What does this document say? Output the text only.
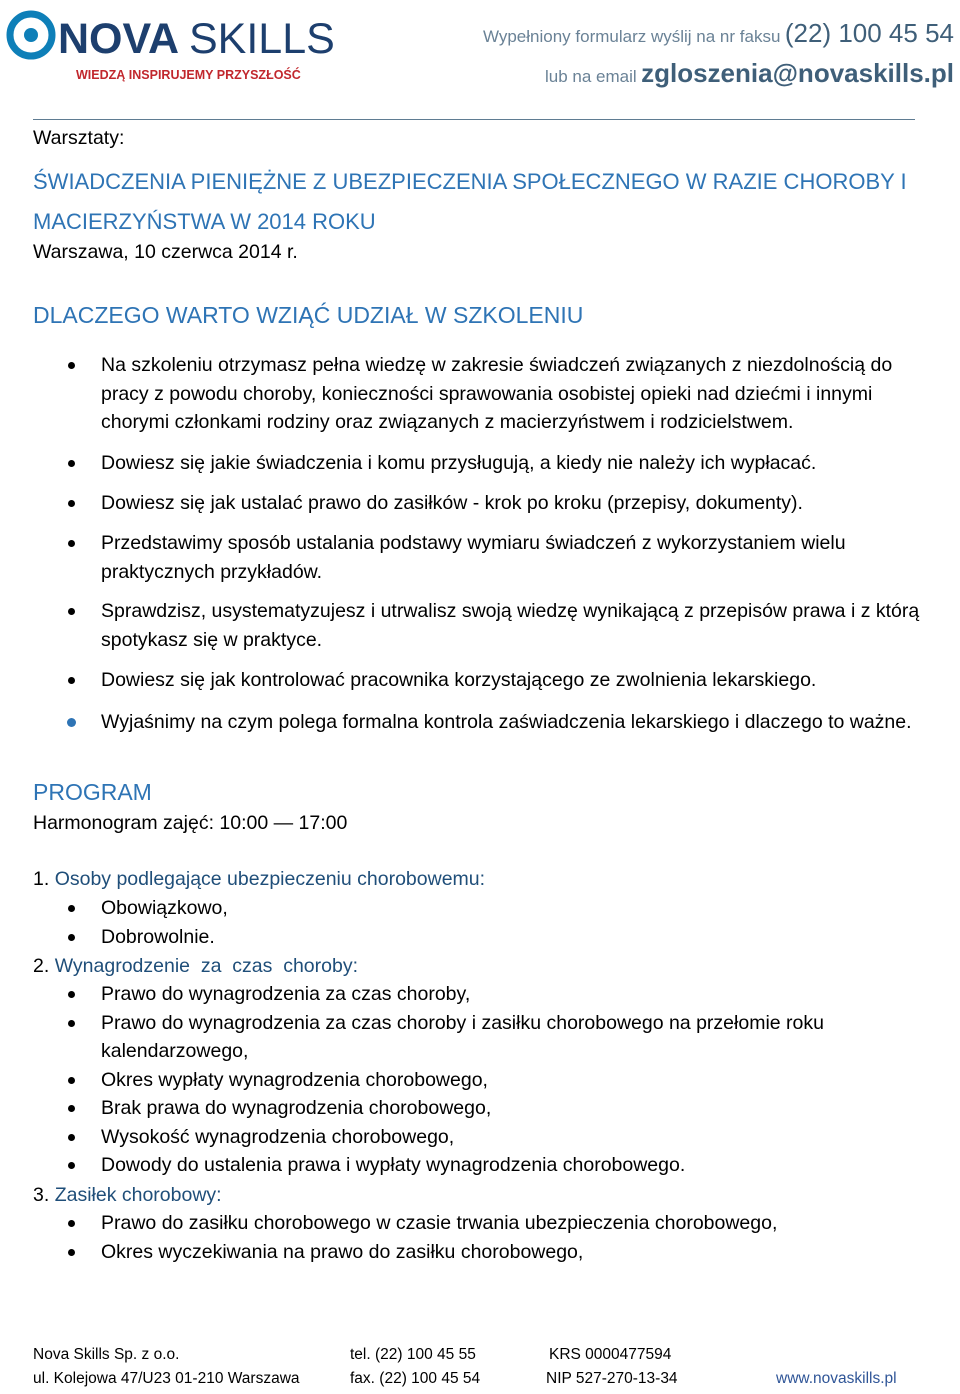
NOVA SKILLS
WIEDZĄ INSPIRUJEMY PRZYSZŁOŚĆ
Wypełniony formularz wyślij na nr faksu (22) 100 45 54
lub na email zgloszenia@novaskills.pl
Warsztaty:
ŚWIADCZENIA PIENIĘŻNE Z UBEZPIECZENIA SPOŁECZNEGO W RAZIE CHOROBY I
MACIERZYŃSTWA W 2014 ROKU
Warszawa, 10 czerwca 2014 r.
DLACZEGO WARTO WZIĄĆ UDZIAŁ W SZKOLENIU
Na szkoleniu otrzymasz pełna wiedzę w zakresie świadczeń związanych z niezdolnością do pracy z powodu choroby, konieczności sprawowania osobistej opieki nad dziećmi i innymi chorymi członkami rodziny oraz związanych z macierzyństwem i rodzicielstwem.
Dowiesz się jakie świadczenia i komu przysługują, a kiedy nie należy ich wypłacać.
Dowiesz się jak ustalać prawo do zasiłków - krok po kroku (przepisy, dokumenty).
Przedstawimy sposób ustalania podstawy wymiaru świadczeń z wykorzystaniem wielu praktycznych przykładów.
Sprawdzisz, usystematyzujesz i utrwalisz swoją wiedzę wynikającą z przepisów prawa i z którą spotykasz się w praktyce.
Dowiesz się jak kontrolować pracownika korzystającego ze zwolnienia lekarskiego.
Wyjaśnimy na czym polega formalna kontrola zaświadczenia lekarskiego i dlaczego to ważne.
PROGRAM
Harmonogram zajęć: 10:00 — 17:00
1. Osoby podlegające ubezpieczeniu chorobowemu:
Obowiązkowo,
Dobrowolnie.
2. Wynagrodzenie  za  czas  choroby:
Prawo do wynagrodzenia za czas choroby,
Prawo do wynagrodzenia za czas choroby i zasiłku chorobowego na przełomie roku kalendarzowego,
Okres wypłaty wynagrodzenia chorobowego,
Brak prawa do wynagrodzenia chorobowego,
Wysokość wynagrodzenia chorobowego,
Dowody do ustalenia prawa i wypłaty wynagrodzenia chorobowego.
3. Zasiłek chorobowy:
Prawo do zasiłku chorobowego w czasie trwania ubezpieczenia chorobowego,
Okres wyczekiwania na prawo do zasiłku chorobowego,
Nova Skills Sp. z o.o.
ul. Kolejowa 47/U23 01-210 Warszawa
tel. (22) 100 45 55
fax. (22) 100 45 54
KRS 0000477594
NIP 527-270-13-34	www.novaskills.pl
